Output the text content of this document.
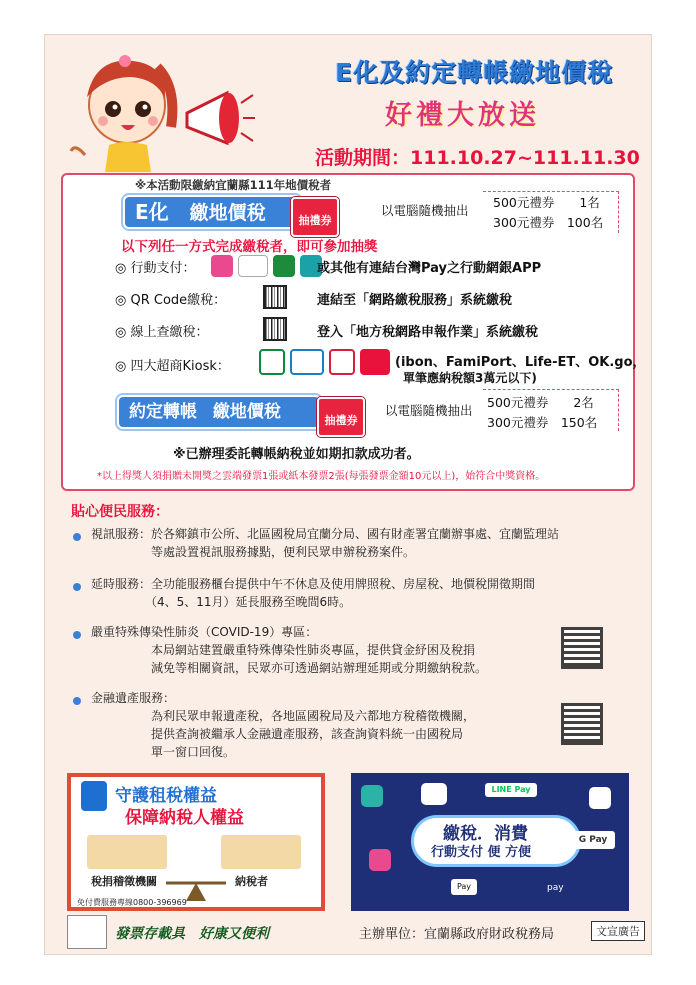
E化及約定轉帳繳地價稅
好禮大放送
活動期間：111.10.27~111.11.30
※本活動限繳納宜蘭縣111年地價稅者
E化 繳地價稅	抽禮券
以電腦隨機抽出
500元禮券　　1名
300元禮券　100名
以下列任一方式完成繳稅者，即可參加抽獎
◎ 行動支付：
	或其他有連結台灣Pay之行動網銀APP
◎ QR Code繳稅：	連結至「網路繳稅服務」系統繳稅
◎ 線上查繳稅：	登入「地方稅網路申報作業」系統繳稅
◎ 四大超商Kiosk：
	(ibon、FamiPort、Life-ET、OK.go，
單筆應納稅額3萬元以下)
約定轉帳 繳地價稅	抽禮券
以電腦隨機抽出
500元禮券　　2名
300元禮券　150名
※已辦理委託轉帳納稅並如期扣款成功者。
*以上得獎人須捐贈未開獎之雲端發票1張或紙本發票2張(每張發票金額10元以上)，始符合中獎資格。
貼心便民服務：
視訊服務：於各鄉鎮市公所、北區國稅局宜蘭分局、國有財產署宜蘭辦事處、宜蘭監理站
　　　　　等處設置視訊服務據點，便利民眾申辦稅務案件。
延時服務：全功能服務櫃台提供中午不休息及使用牌照稅、房屋稅、地價稅開徵期間
　　　　　（4、5、11月）延長服務至晚間6時。
嚴重特殊傳染性肺炎（COVID-19）專區：
　　　　　本局網站建置嚴重特殊傳染性肺炎專區，提供貸金紓困及稅捐
　　　　　減免等相關資訊，民眾亦可透過網站辦理延期或分期繳納稅款。
金融遺產服務：
　　　　　為利民眾申報遺產稅，各地區國稅局及六都地方稅稽徵機關，
　　　　　提供查詢被繼承人金融遺產服務，該查詢資料統一由國稅局
　　　　　單一窗口回復。
守護租稅權益
保障納稅人權益
稅捐稽徵機關	納稅者
免付費服務專線0800-396969
LINE Pay
繳稅．消費
行動支付 便 方便
G Pay
Pay	pay
發票存載具　好康又便利	主辦單位：宜蘭縣政府財政稅務局	文宣廣告
